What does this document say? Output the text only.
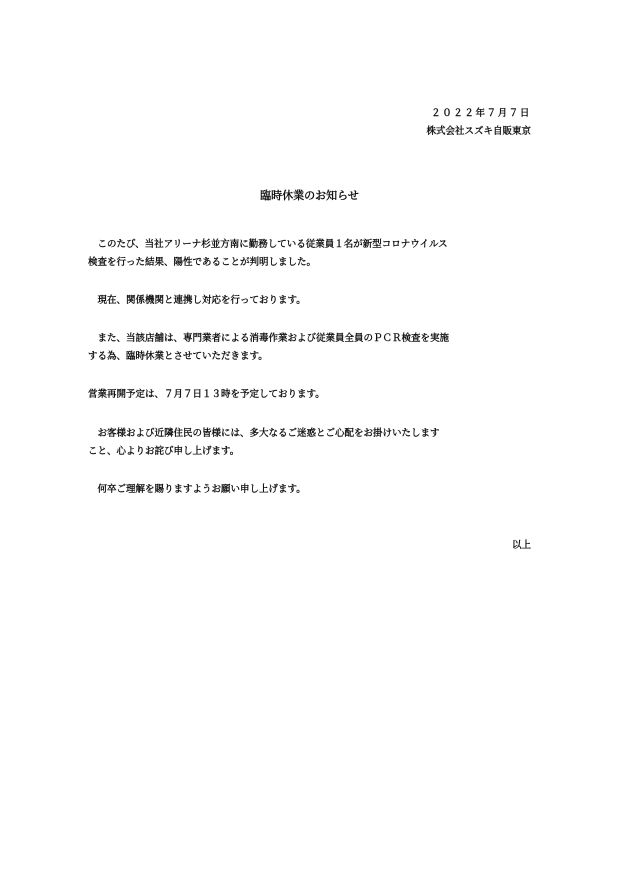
２０２２年７月７日
株式会社スズキ自販東京
臨時休業のお知らせ
　このたび、当社アリーナ杉並方南に勤務している従業員１名が新型コロナウイルス
検査を行った結果、陽性であることが判明しました。
　現在、関係機関と連携し対応を行っております。
　また、当該店舗は、専門業者による消毒作業および従業員全員のＰＣＲ検査を実施
する為、臨時休業とさせていただきます。
営業再開予定は、７月７日１３時を予定しております。
　お客様および近隣住民の皆様には、多大なるご迷惑とご心配をお掛けいたします
こと、心よりお詫び申し上げます。
　何卒ご理解を賜りますようお願い申し上げます。
以上
